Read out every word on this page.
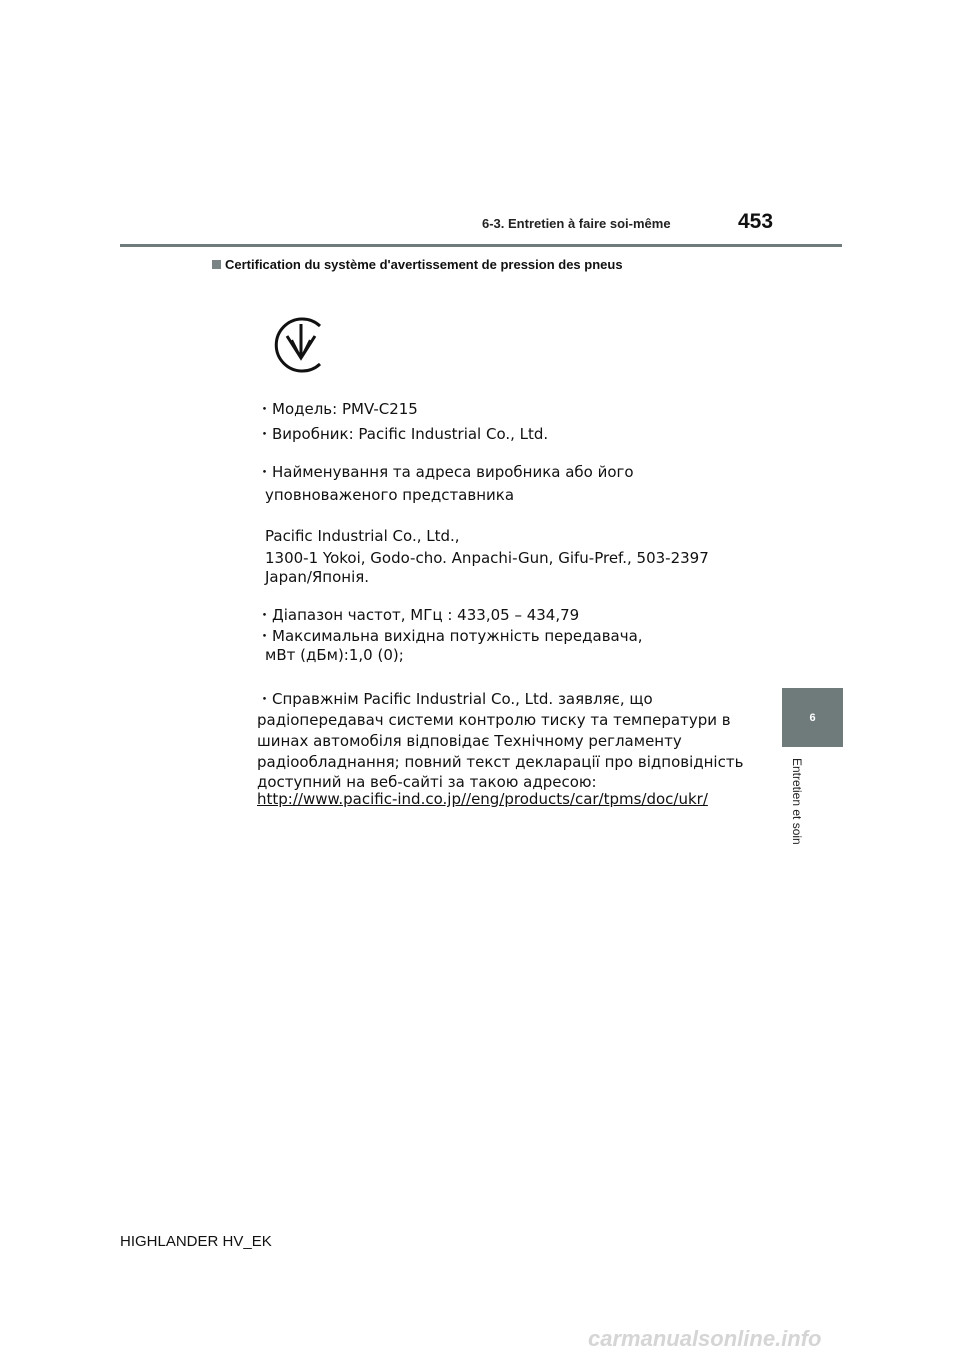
6-3. Entretien à faire soi-même	453
Certification du système d'avertissement de pression des pneus
6
Entretien et soin
・Модель: PMV-C215
・Виробник: Pacific Industrial Co., Ltd.
・Найменування та адреса виробника або його
уповноваженого представника
Pacific Industrial Co., Ltd.,
1300-1 Yokoi, Godo-cho. Anpachi-Gun, Gifu-Pref., 503-2397
Japan/Японія.
・Діапазон частот, МГц : 433,05 – 434,79
・Максимальна вихідна потужність передавача,
мВт (дБм):1,0 (0);
・Справжнім Pacific Industrial Co., Ltd. заявляє, що
радіопередавач системи контролю тиску та температури в
шинах автомобіля відповідає Технічному регламенту
радіообладнання; повний текст декларації про відповідність
доступний на веб-сайті за такою адресою:
http://www.pacific-ind.co.jp//eng/products/car/tpms/doc/ukr/
HIGHLANDER HV_EK
carmanualsonline.info
